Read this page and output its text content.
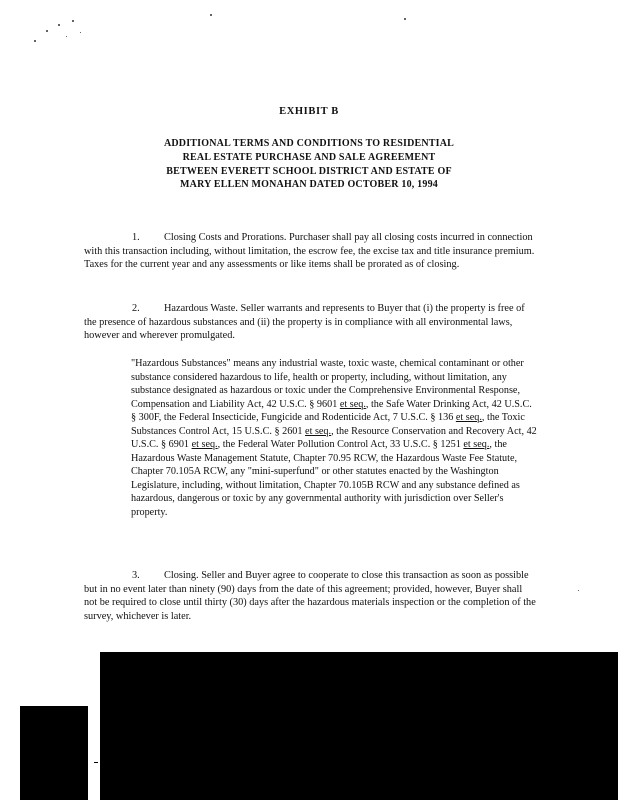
EXHIBIT B
ADDITIONAL TERMS AND CONDITIONS TO RESIDENTIAL
REAL ESTATE PURCHASE AND SALE AGREEMENT
BETWEEN EVERETT SCHOOL DISTRICT AND ESTATE OF
MARY ELLEN MONAHAN DATED OCTOBER 10, 1994
1. Closing Costs and Prorations. Purchaser shall pay all closing costs incurred in connection with this transaction including, without limitation, the escrow fee, the excise tax and title insurance premium. Taxes for the current year and any assessments or like items shall be prorated as of closing.
2. Hazardous Waste. Seller warrants and represents to Buyer that (i) the property is free of the presence of hazardous substances and (ii) the property is in compliance with all environmental laws, however and wherever promulgated.
"Hazardous Substances" means any industrial waste, toxic waste, chemical contaminant or other substance considered hazardous to life, health or property, including, without limitation, any substance designated as hazardous or toxic under the Comprehensive Environmental Response, Compensation and Liability Act, 42 U.S.C. § 9601 et seq., the Safe Water Drinking Act, 42 U.S.C. § 300F, the Federal Insecticide, Fungicide and Rodenticide Act, 7 U.S.C. § 136 et seq., the Toxic Substances Control Act, 15 U.S.C. § 2601 et seq., the Resource Conservation and Recovery Act, 42 U.S.C. § 6901 et seq., the Federal Water Pollution Control Act, 33 U.S.C. § 1251 et seq., the Hazardous Waste Management Statute, Chapter 70.95 RCW, the Hazardous Waste Fee Statute, Chapter 70.105A RCW, any "mini-superfund" or other statutes enacted by the Washington Legislature, including, without limitation, Chapter 70.105B RCW and any substance defined as hazardous, dangerous or toxic by any governmental authority with jurisdiction over Seller's property.
3. Closing. Seller and Buyer agree to cooperate to close this transaction as soon as possible but in no event later than ninety (90) days from the date of this agreement; provided, however, Buyer shall not be required to close until thirty (30) days after the hazardous materials inspection or the completion of the survey, whichever is later.
